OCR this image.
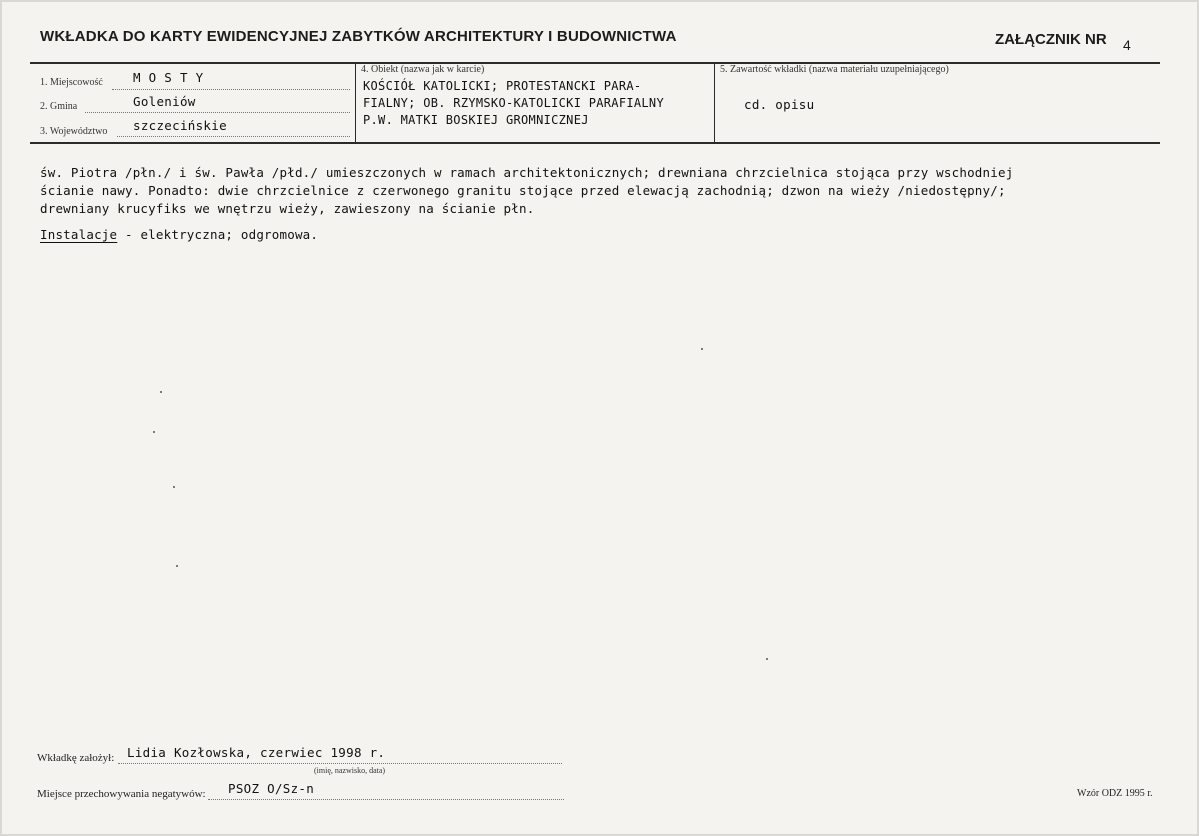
WKŁADKA DO KARTY EWIDENCYJNEJ ZABYTKÓW ARCHITEKTURY I BUDOWNICTWA	ZAŁĄCZNIK NR 4
1. Miejscowość M O S T Y
2. Gmina	Goleniów
3. Województwo szczecińskie
4. Obiekt (nazwa jak w karcie)
KOŚCIÓŁ KATOLICKI; PROTESTANCKI PARA-
FIALNY; OB. RZYMSKO-KATOLICKI PARAFIALNY
P.W. MATKI BOSKIEJ GROMNICZNEJ
5. Zawartość wkładki (nazwa materiału uzupełniającego)
cd. opisu
św. Piotra /płn./ i św. Pawła /płd./ umieszczonych w ramach architektonicznych; drewniana chrzcielnica stojąca przy wschodniej
ścianie nawy. Ponadto: dwie chrzcielnice z czerwonego granitu stojące przed elewacją zachodnią; dzwon na wieży /niedostępny/;
drewniany krucyfiks we wnętrzu wieży, zawieszony na ścianie płn.
Instalacje - elektryczna; odgromowa.
Wkładkę założył: Lidia Kozłowska, czerwiec 1998 r.
(imię, nazwisko, data)
Miejsce przechowywania negatywów: PSOZ O/Sz-n	Wzór ODZ 1995 r.
